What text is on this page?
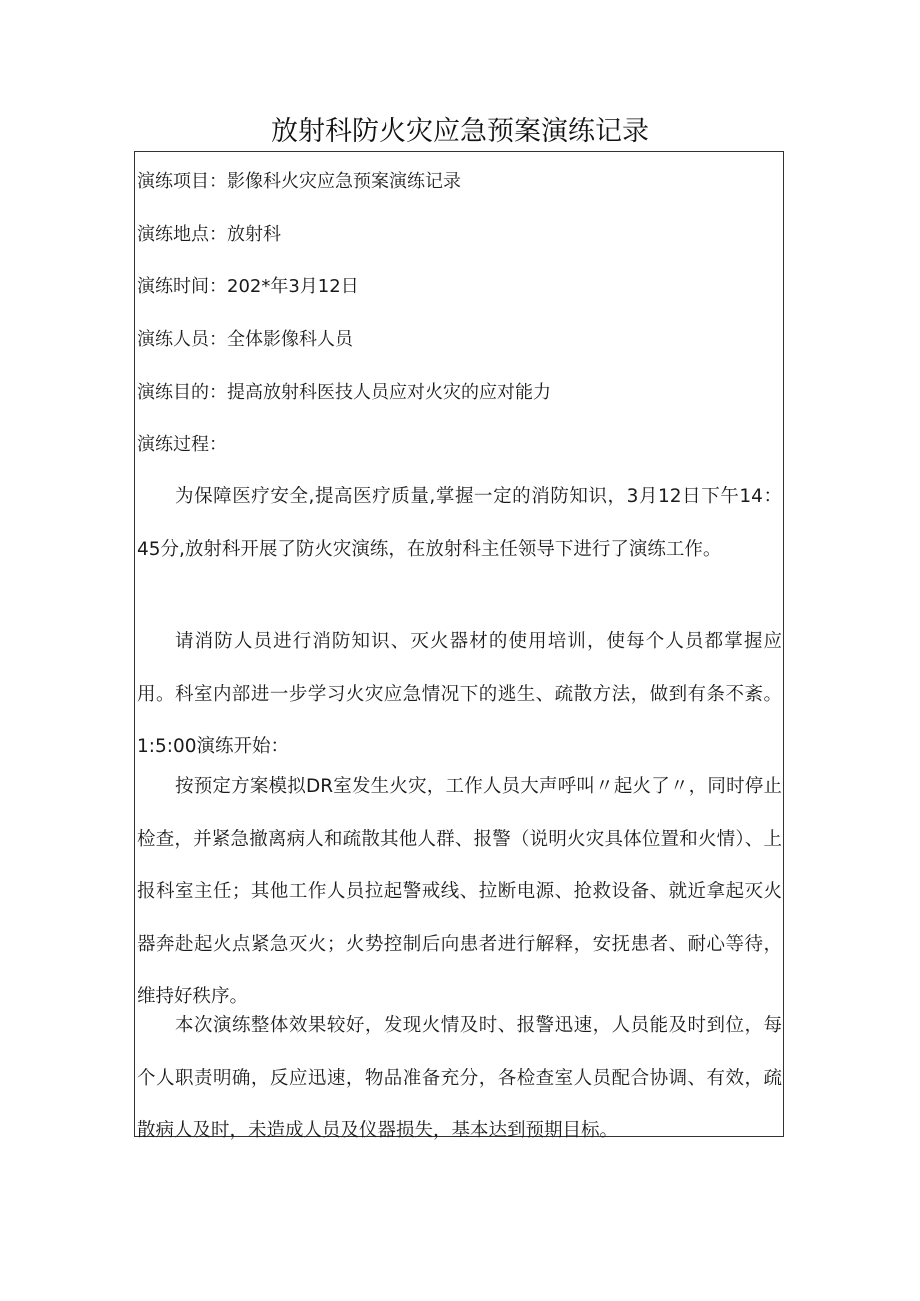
放射科防火灾应急预案演练记录
演练项目：影像科火灾应急预案演练记录
演练地点：放射科
演练时间：202*年3月12日
演练人员：全体影像科人员
演练目的：提高放射科医技人员应对火灾的应对能力
演练过程：

为保障医疗安全,提高医疗质量,掌握一定的消防知识，3月12日下午14：45分,放射科开展了防火灾演练，在放射科主任领导下进行了演练工作。

请消防人员进行消防知识、灭火器材的使用培训，使每个人员都掌握应用。科室内部进一步学习火灾应急情况下的逃生、疏散方法，做到有条不紊。1:5:00演练开始：

按预定方案模拟DR室发生火灾，工作人员大声呼叫〃起火了〃，同时停止检查，并紧急撤离病人和疏散其他人群、报警（说明火灾具体位置和火情）、上报科室主任；其他工作人员拉起警戒线、拉断电源、抢救设备、就近拿起灭火器奔赴起火点紧急灭火；火势控制后向患者进行解释，安抚患者、耐心等待，维持好秩序。

本次演练整体效果较好，发现火情及时、报警迅速，人员能及时到位，每个人职责明确，反应迅速，物品准备充分，各检查室人员配合协调、有效，疏散病人及时，未造成人员及仪器损失，基本达到预期目标。
